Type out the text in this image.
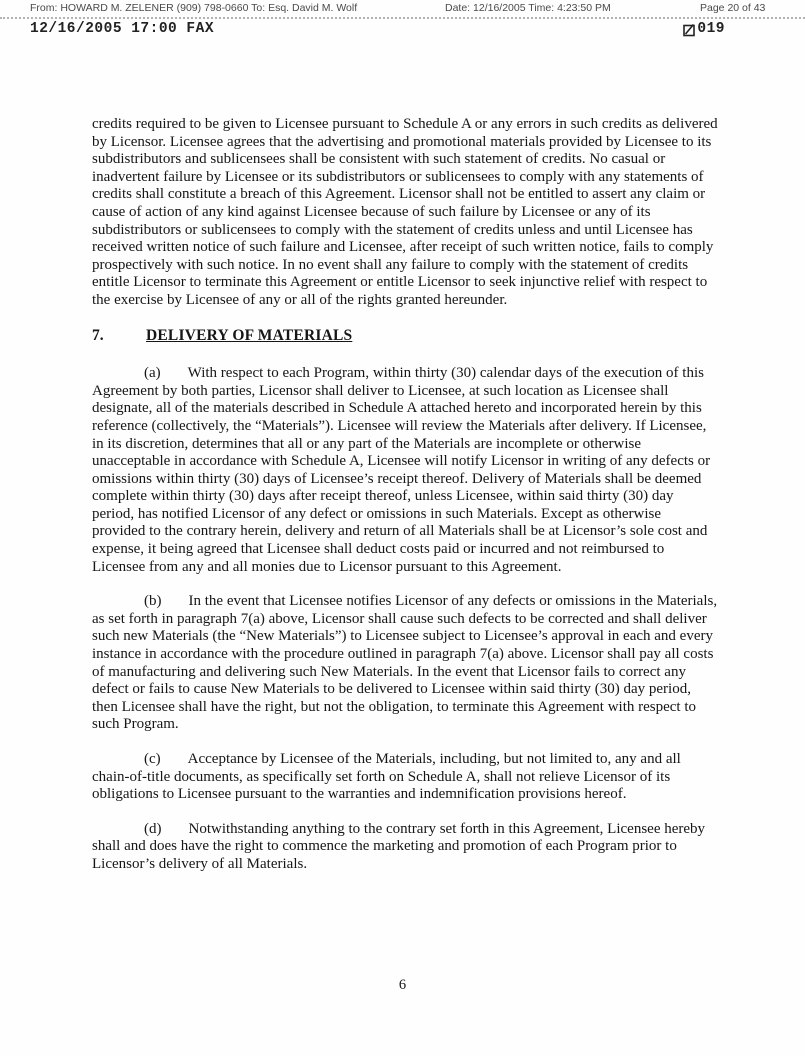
From: HOWARD M. ZELENER (909) 798-0660 To: Esq. David M. Wolf	Date: 12/16/2005 Time: 4:23:50 PM	Page 20 of 43
12/16/2005 17:00 FAX	019

credits required to be given to Licensee pursuant to Schedule A or any errors in such credits as delivered by Licensor. Licensee agrees that the advertising and promotional materials provided by Licensee to its subdistributors and sublicensees shall be consistent with such statement of credits. No casual or inadvertent failure by Licensee or its subdistributors or sublicensees to comply with any statements of credits shall constitute a breach of this Agreement. Licensor shall not be entitled to assert any claim or cause of action of any kind against Licensee because of such failure by Licensee or any of its subdistributors or sublicensees to comply with the statement of credits unless and until Licensee has received written notice of such failure and Licensee, after receipt of such written notice, fails to comply prospectively with such notice. In no event shall any failure to comply with the statement of credits entitle Licensor to terminate this Agreement or entitle Licensor to seek injunctive relief with respect to the exercise by Licensee of any or all of the rights granted hereunder.

7.	DELIVERY OF MATERIALS

(a) With respect to each Program, within thirty (30) calendar days of the execution of this Agreement by both parties, Licensor shall deliver to Licensee, at such location as Licensee shall designate, all of the materials described in Schedule A attached hereto and incorporated herein by this reference (collectively, the “Materials”). Licensee will review the Materials after delivery. If Licensee, in its discretion, determines that all or any part of the Materials are incomplete or otherwise unacceptable in accordance with Schedule A, Licensee will notify Licensor in writing of any defects or omissions within thirty (30) days of Licensee’s receipt thereof. Delivery of Materials shall be deemed complete within thirty (30) days after receipt thereof, unless Licensee, within said thirty (30) day period, has notified Licensor of any defect or omissions in such Materials. Except as otherwise provided to the contrary herein, delivery and return of all Materials shall be at Licensor’s sole cost and expense, it being agreed that Licensee shall deduct costs paid or incurred and not reimbursed to Licensee from any and all monies due to Licensor pursuant to this Agreement.

(b) In the event that Licensee notifies Licensor of any defects or omissions in the Materials, as set forth in paragraph 7(a) above, Licensor shall cause such defects to be corrected and shall deliver such new Materials (the “New Materials”) to Licensee subject to Licensee’s approval in each and every instance in accordance with the procedure outlined in paragraph 7(a) above. Licensor shall pay all costs of manufacturing and delivering such New Materials. In the event that Licensor fails to correct any defect or fails to cause New Materials to be delivered to Licensee within said thirty (30) day period, then Licensee shall have the right, but not the obligation, to terminate this Agreement with respect to such Program.

(c) Acceptance by Licensee of the Materials, including, but not limited to, any and all chain-of-title documents, as specifically set forth on Schedule A, shall not relieve Licensor of its obligations to Licensee pursuant to the warranties and indemnification provisions hereof.

(d) Notwithstanding anything to the contrary set forth in this Agreement, Licensee hereby shall and does have the right to commence the marketing and promotion of each Program prior to Licensor’s delivery of all Materials.

6
